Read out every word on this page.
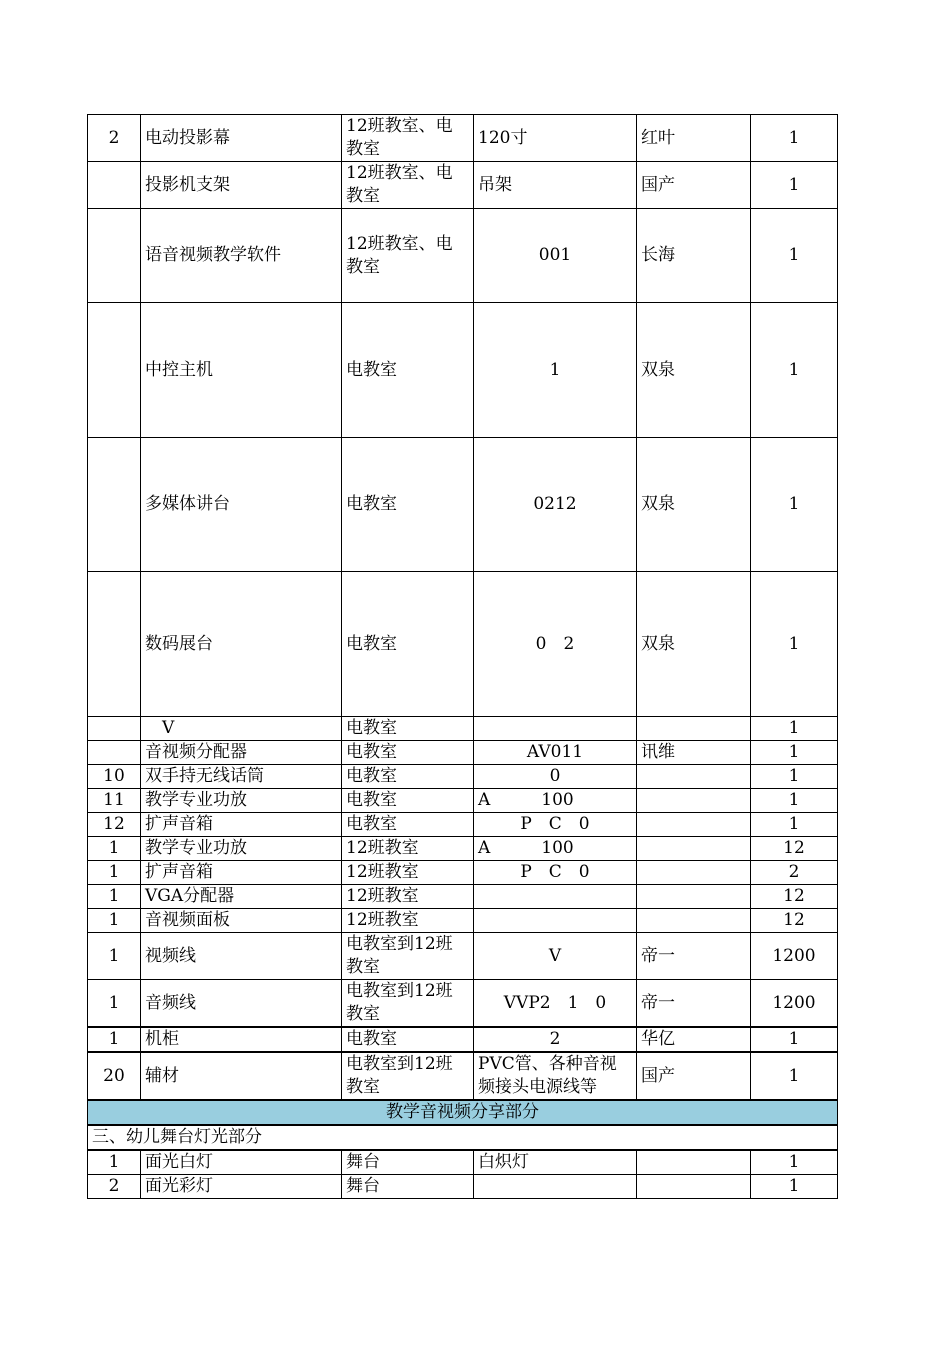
2	电动投影幕	12班教室、电教室	120寸	红叶	1
	投影机支架	12班教室、电教室	吊架	国产	1
	语音视频教学软件	12班教室、电教室	001	长海	1
	中控主机	电教室	1	双泉	1
	多媒体讲台	电教室	0212	双泉	1
	数码展台	电教室	0　2	双泉	1
	　V	电教室			1
	音视频分配器	电教室	AV011	讯维	1
10	双手持无线话筒	电教室	0		1
11	教学专业功放	电教室	A　　　100		1
12	扩声音箱	电教室	P　C　0		1
1	教学专业功放	12班教室	A　　　100		12
1	扩声音箱	12班教室	P　C　0		2
1	VGA分配器	12班教室			12
1	音视频面板	12班教室			12
1	视频线	电教室到12班教室	V	帝一	1200
1	音频线	电教室到12班教室	VVP2　1　0	帝一	1200
1	机柜	电教室	2	华亿	1
20	辅材	电教室到12班教室	PVC管、各种音视频接头电源线等	国产	1
教学音视频分享部分					
三、幼儿舞台灯光部分					
1	面光白灯	舞台	白炽灯		1
2	面光彩灯	舞台			1
